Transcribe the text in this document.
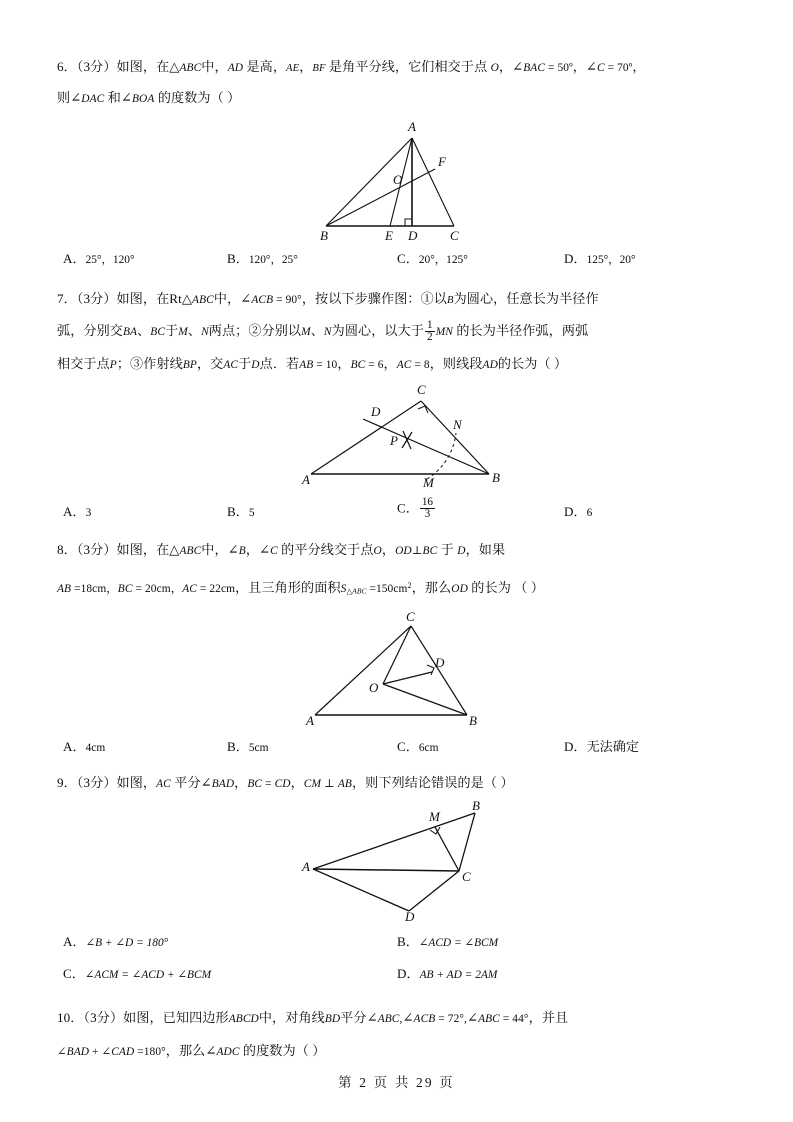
6．（3分）如图，在△ABC中，AD 是高，AE，BF 是角平分线，它们相交于点 O，∠BAC = 50º，∠C = 70º，
则∠DAC 和∠BOA 的度数为（ ）
A
F
O
B	E D	C
A．25°，120°	B．120°，25°	C．20°，125°	D．125°，20°
7．（3分）如图，在Rt△ABC中，∠ACB = 90°，按以下步骤作图：①以B为圆心，任意长为半径作
弧，分别交BA、BC于M、N两点；②分别以M、N为圆心，以大于 $\frac{1}{2}$ MN 的长为半径作弧，两弧
相交于点P；③作射线BP，交AC于D点．若AB = 10，BC = 6，AC = 8，则线段AD的长为（ ）
C
D
N
P
A	M	B
A．3	B．5	C． $\frac{16}{3}$	D．6
8．（3分）如图，在△ABC中，∠B，∠C 的平分线交于点O，OD⊥BC 于 D，如果
AB =18cm，BC = 20cm，AC = 22cm，且三角形的面积$S_{\triangle ABC} =150cm^2$，那么OD 的长为 （ ）
C
D
O
A	B
A．4cm	B．5cm	C．6cm	D．无法确定
9．（3分）如图，AC 平分∠BAD，BC = CD，CM ⊥ AB，则下列结论错误的是（ ）
M
B
A
C
D
A．∠B + ∠D = 180°	B．∠ACD = ∠BCM
C．∠ACM = ∠ACD + ∠BCM	D．AB + AD = 2AM
10．（3分）如图，已知四边形ABCD中，对角线BD平分∠ABC,∠ACB = 72°,∠ABC = 44°，并且
∠BAD + ∠CAD =180°，那么∠ADC 的度数为（ ）
第 2 页 共 29 页
